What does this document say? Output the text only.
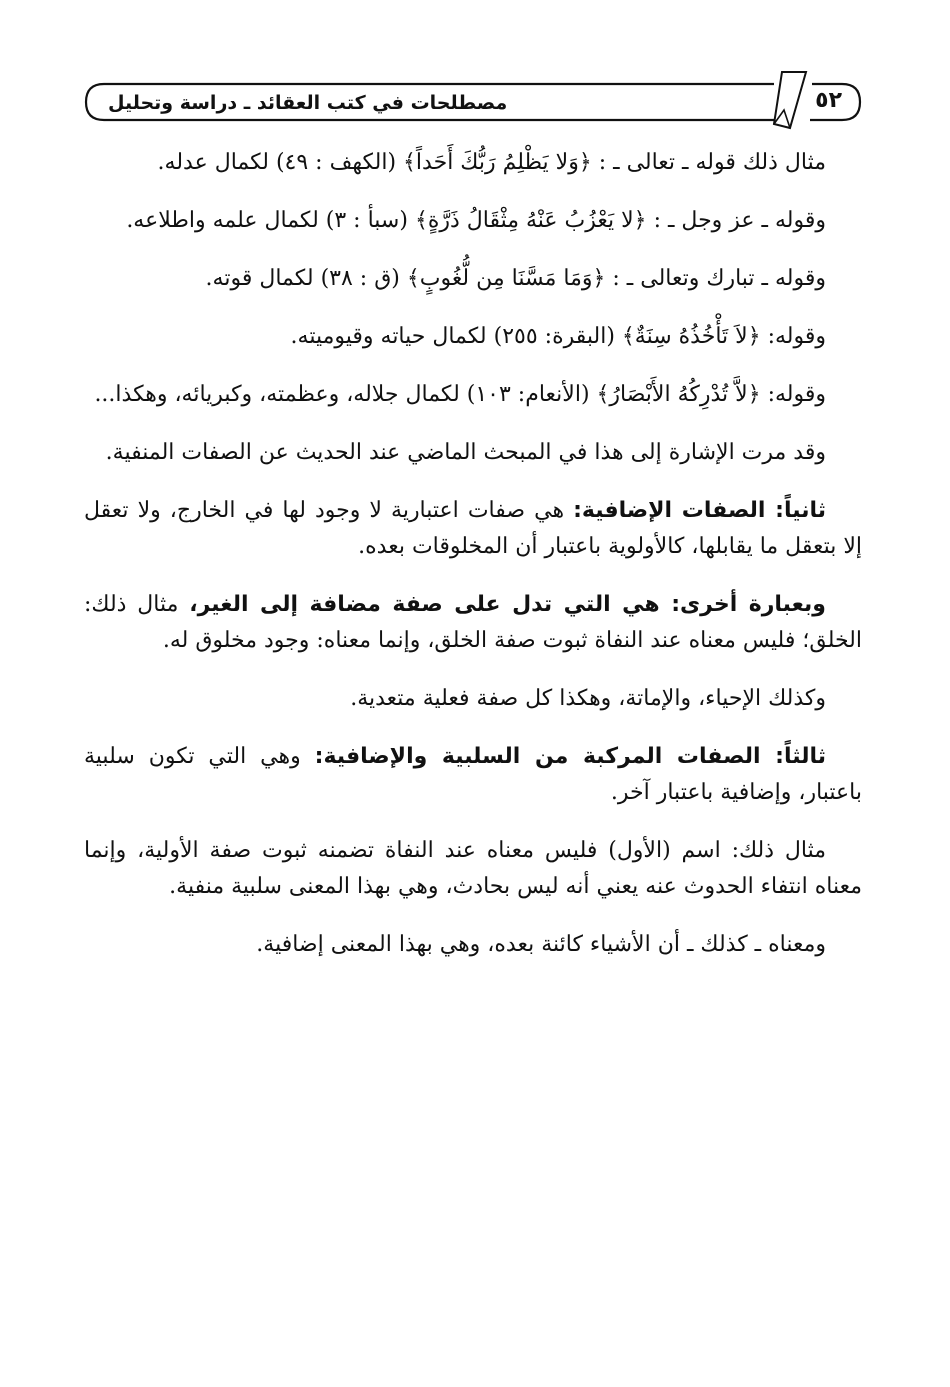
مصطلحات في كتب العقائد ـ دراسة وتحليل	٥٢

مثال ذلك قوله ـ تعالى ـ : ﴿وَلا يَظْلِمُ رَبُّكَ أَحَداً﴾ (الكهف : ٤٩) لكمال عدله.

وقوله ـ عز وجل ـ : ﴿لا يَعْزُبُ عَنْهُ مِثْقَالُ ذَرَّةٍ﴾ (سبأ : ٣) لكمال علمه واطلاعه.

وقوله ـ تبارك وتعالى ـ : ﴿وَمَا مَسَّنَا مِن لُّغُوبٍ﴾ (ق : ٣٨) لكمال قوته.

وقوله: ﴿لاَ تَأْخُذُهُ سِنَةٌ﴾ (البقرة: ٢٥٥) لكمال حياته وقيوميته.

وقوله: ﴿لاَّ تُدْرِكُهُ الأَبْصَارُ﴾ (الأنعام: ١٠٣) لكمال جلاله، وعظمته، وكبريائه، وهكذا...

وقد مرت الإشارة إلى هذا في المبحث الماضي عند الحديث عن الصفات المنفية.

ثانياً: الصفات الإضافية: هي صفات اعتبارية لا وجود لها في الخارج، ولا تعقل إلا بتعقل ما يقابلها، كالأولوية باعتبار أن المخلوقات بعده.

وبعبارة أخرى: هي التي تدل على صفة مضافة إلى الغير، مثال ذلك: الخلق؛ فليس معناه عند النفاة ثبوت صفة الخلق، وإنما معناه: وجود مخلوق له.

وكذلك الإحياء، والإماتة، وهكذا كل صفة فعلية متعدية.

ثالثاً: الصفات المركبة من السلبية والإضافية: وهي التي تكون سلبية باعتبار، وإضافية باعتبار آخر.

مثال ذلك: اسم (الأول) فليس معناه عند النفاة تضمنه ثبوت صفة الأولية، وإنما معناه انتفاء الحدوث عنه يعني أنه ليس بحادث، وهي بهذا المعنى سلبية منفية.

ومعناه ـ كذلك ـ أن الأشياء كائنة بعده، وهي بهذا المعنى إضافية.
